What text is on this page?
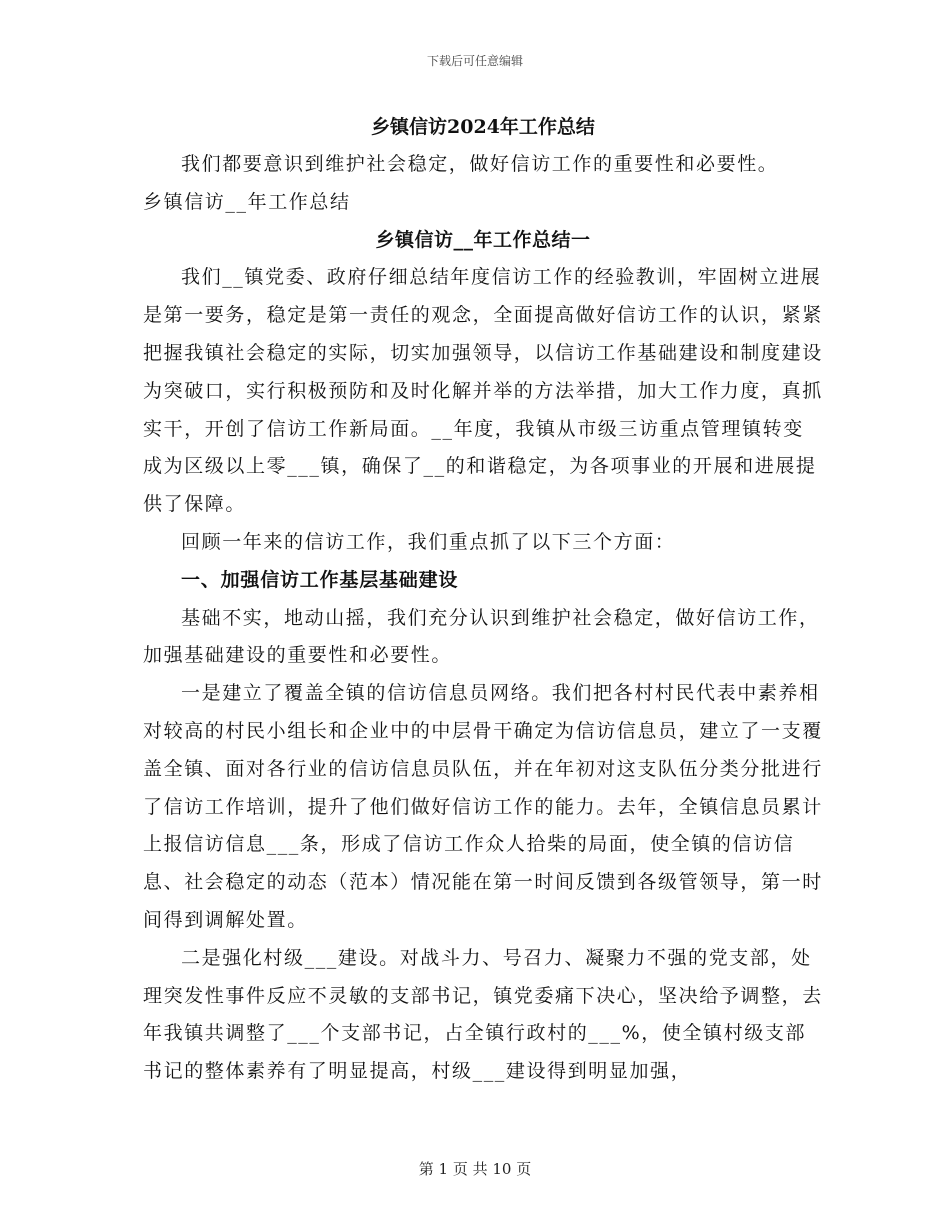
下载后可任意编辑
乡镇信访2024年工作总结

我们都要意识到维护社会稳定，做好信访工作的重要性和必要性。

乡镇信访__年工作总结

乡镇信访__年工作总结一

我们__镇党委、政府仔细总结年度信访工作的经验教训，牢固树立进展是第一要务，稳定是第一责任的观念，全面提高做好信访工作的认识，紧紧把握我镇社会稳定的实际，切实加强领导，以信访工作基础建设和制度建设为突破口，实行积极预防和及时化解并举的方法举措，加大工作力度，真抓实干，开创了信访工作新局面。__年度，我镇从市级三访重点管理镇转变成为区级以上零___镇，确保了__的和谐稳定，为各项事业的开展和进展提供了保障。

回顾一年来的信访工作，我们重点抓了以下三个方面：

一、加强信访工作基层基础建设

基础不实，地动山摇，我们充分认识到维护社会稳定，做好信访工作，加强基础建设的重要性和必要性。

一是建立了覆盖全镇的信访信息员网络。我们把各村村民代表中素养相对较高的村民小组长和企业中的中层骨干确定为信访信息员，建立了一支覆盖全镇、面对各行业的信访信息员队伍，并在年初对这支队伍分类分批进行了信访工作培训，提升了他们做好信访工作的能力。去年，全镇信息员累计上报信访信息___条，形成了信访工作众人拾柴的局面，使全镇的信访信息、社会稳定的动态（范本）情况能在第一时间反馈到各级管领导，第一时间得到调解处置。

二是强化村级___建设。对战斗力、号召力、凝聚力不强的党支部，处理突发性事件反应不灵敏的支部书记，镇党委痛下决心，坚决给予调整，去年我镇共调整了___个支部书记，占全镇行政村的___%，使全镇村级支部书记的整体素养有了明显提高，村级___建设得到明显加强，

第 1 页 共 10 页
